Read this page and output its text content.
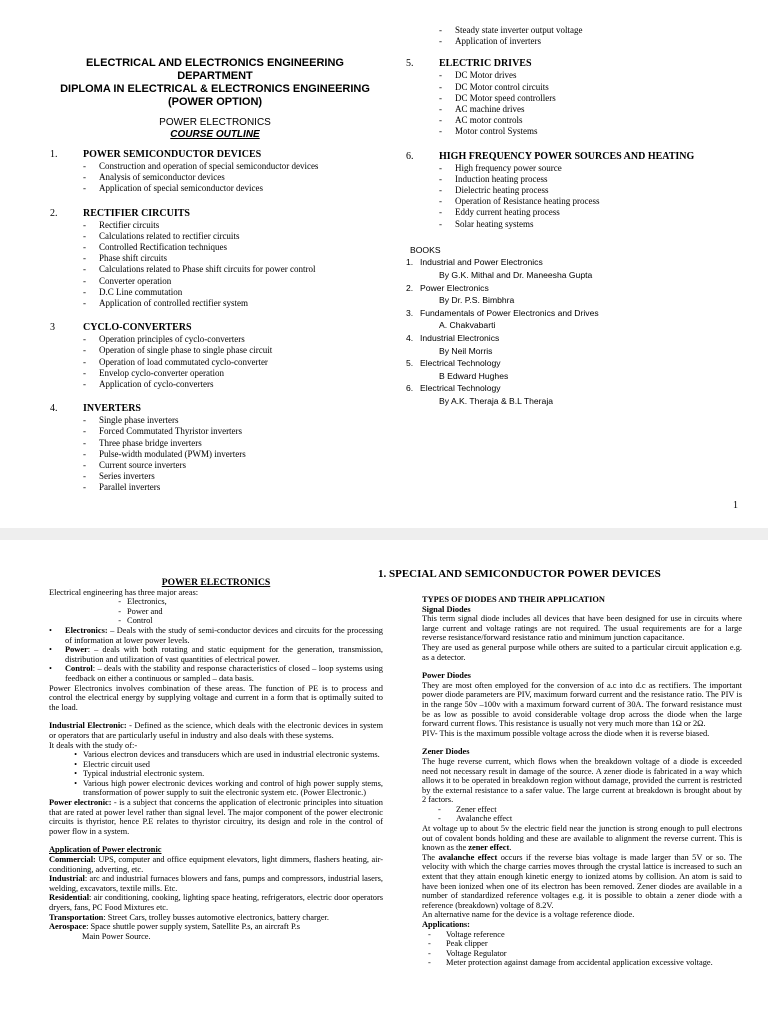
ELECTRICAL AND ELECTRONICS ENGINEERING
DEPARTMENT
DIPLOMA IN ELECTRICAL & ELECTRONICS ENGINEERING
(POWER OPTION)
POWER ELECTRONICS
COURSE OUTLINE
1.	POWER SEMICONDUCTOR DEVICES
-	Construction and operation of special semiconductor devices
-	Analysis of semiconductor devices
-	Application of special semiconductor devices
2.	RECTIFIER CIRCUITS
-	Rectifier circuits
-	Calculations related to rectifier circuits
-	Controlled Rectification techniques
-	Phase shift circuits
-	Calculations related to Phase shift circuits for power control
-	Converter operation
-	D.C Line commutation
-	Application of controlled rectifier system
3	CYCLO-CONVERTERS
-	Operation principles of cyclo-converters
-	Operation of single phase to single phase circuit
-	Operation of load commutated cyclo-converter
-	Envelop cyclo-converter operation
-	Application of cyclo-converters
4.	INVERTERS
-	Single phase inverters
-	Forced Commutated Thyristor inverters
-	Three phase bridge inverters
-	Pulse-width modulated (PWM) inverters
-	Current source inverters
-	Series inverters
-	Parallel inverters
-	Steady state inverter output voltage
-	Application of inverters
5.	ELECTRIC DRIVES
-	DC Motor drives
-	DC Motor control circuits
-	DC Motor speed controllers
-	AC machine drives
-	AC motor controls
-	Motor control Systems
6.	HIGH FREQUENCY POWER SOURCES AND HEATING
-	High frequency power source
-	Induction heating process
-	Dielectric heating process
-	Operation of Resistance heating process
-	Eddy current heating process
-	Solar heating systems
BOOKS
1. Industrial and Power Electronics
By G.K. Mithal and Dr. Maneesha Gupta
2. Power Electronics
By Dr. P.S. Bimbhra
3. Fundamentals of Power Electronics and Drives
A. Chakvabarti
4. Industrial Electronics
By Neil Morris
5. Electrical Technology
B Edward Hughes
6. Electrical Technology
By A.K. Theraja & B.L Theraja
1
POWER ELECTRONICS

Electrical engineering has three major areas:

- Electronics,
- Power and
- Control
•	Electronics: – Deals with the study of semi-conductor devices and circuits for the processing of information at lower power levels.
•	Power: – deals with both rotating and static equipment for the generation, transmission, distribution and utilization of vast quantities of electrical power.
•	Control: – deals with the stability and response characteristics of closed – loop systems using feedback on either a continuous or sampled – data basis.

Power Electronics involves combination of these areas. The function of PE is to process and control the electrical energy by supplying voltage and current in a form that is optimally suited to the load.

Industrial Electronic: - Defined as the science, which deals with the electronic devices in system or operators that are particularly useful in industry and also deals with these systems.

It deals with the study of:-

• Various electron devices and transducers which are used in industrial electronic systems.
• Electric circuit used
• Typical industrial electronic system.
• Various high power electronic devices working and control of high power supply stems, transformation of power supply to suit the electronic system etc. (Power Electronic.)

Power electronic: - is a subject that concerns the application of electronic principles into situation that are rated at power level rather than signal level. The major component of the power electronic circuits is thyristor, hence P.E relates to thyristor circuitry, its design and role in the control of power flow in a system.

Application of Power electronic

Commercial: UPS, computer and office equipment elevators, light dimmers, flashers heating, air-conditioning, adverting, etc.

Industrial: arc and industrial furnaces blowers and fans, pumps and compressors, industrial lasers, welding, excavators, textile mills. Etc.

Residential: air conditioning, cooking, lighting space heating, refrigerators, electric door operators dryers, fans, PC Food Mixtures etc.

Transportation: Street Cars, trolley busses automotive electronics, battery charger.

Aerospace: Space shuttle power supply system, Satellite P.s, an aircraft P.s

Main Power Source.

1. SPECIAL AND SEMICONDUCTOR POWER DEVICES

TYPES OF DIODES AND THEIR APPLICATION

Signal Diodes

This term signal diode includes all devices that have been designed for use in circuits where large current and voltage ratings are not required. The usual requirements are for a large reverse resistance/forward resistance ratio and minimum junction capacitance.

They are used as general purpose while others are suited to a particular circuit application e.g. as a detector.

Power Diodes

They are most often employed for the conversion of a.c into d.c as rectifiers. The important power diode parameters are PIV, maximum forward current and the resistance ratio. The PIV is in the range 50v –100v with a maximum forward current of 30A. The forward resistance must be as low as possible to avoid considerable voltage drop across the diode when the large forward current flows. This resistance is usually not very much more than 1Ω or 2Ω.

PIV- This is the maximum possible voltage across the diode when it is reverse biased.

Zener Diodes

The huge reverse current, which flows when the breakdown voltage of a diode is exceeded need not necessary result in damage of the source. A zener diode is fabricated in a way which allows it to be operated in breakdown region without damage, provided the current is restricted by the external resistance to a safer value. The large current at breakdown is brought about by 2 factors.

-	Zener effect
-	Avalanche effect

At voltage up to about 5v the electric field near the junction is strong enough to pull electrons out of covalent bonds holding and these are available to alignment the reverse current. This is known as the zener effect.

The avalanche effect occurs if the reverse bias voltage is made larger than 5V or so. The velocity with which the charge carries moves through the crystal lattice is increased to such an extent that they attain enough kinetic energy to ionized atoms by collision. An atom is said to have been ionized when one of its electron has been removed. Zener diodes are available in a number of standardized reference voltages e.g. it is possible to obtain a zener diode with a reference (breakdown) voltage of 8.2V.

An alternative name for the device is a voltage reference diode.

Applications:

-	Voltage reference
-	Peak clipper
-	Voltage Regulator
-	Meter protection against damage from accidental application excessive voltage.
